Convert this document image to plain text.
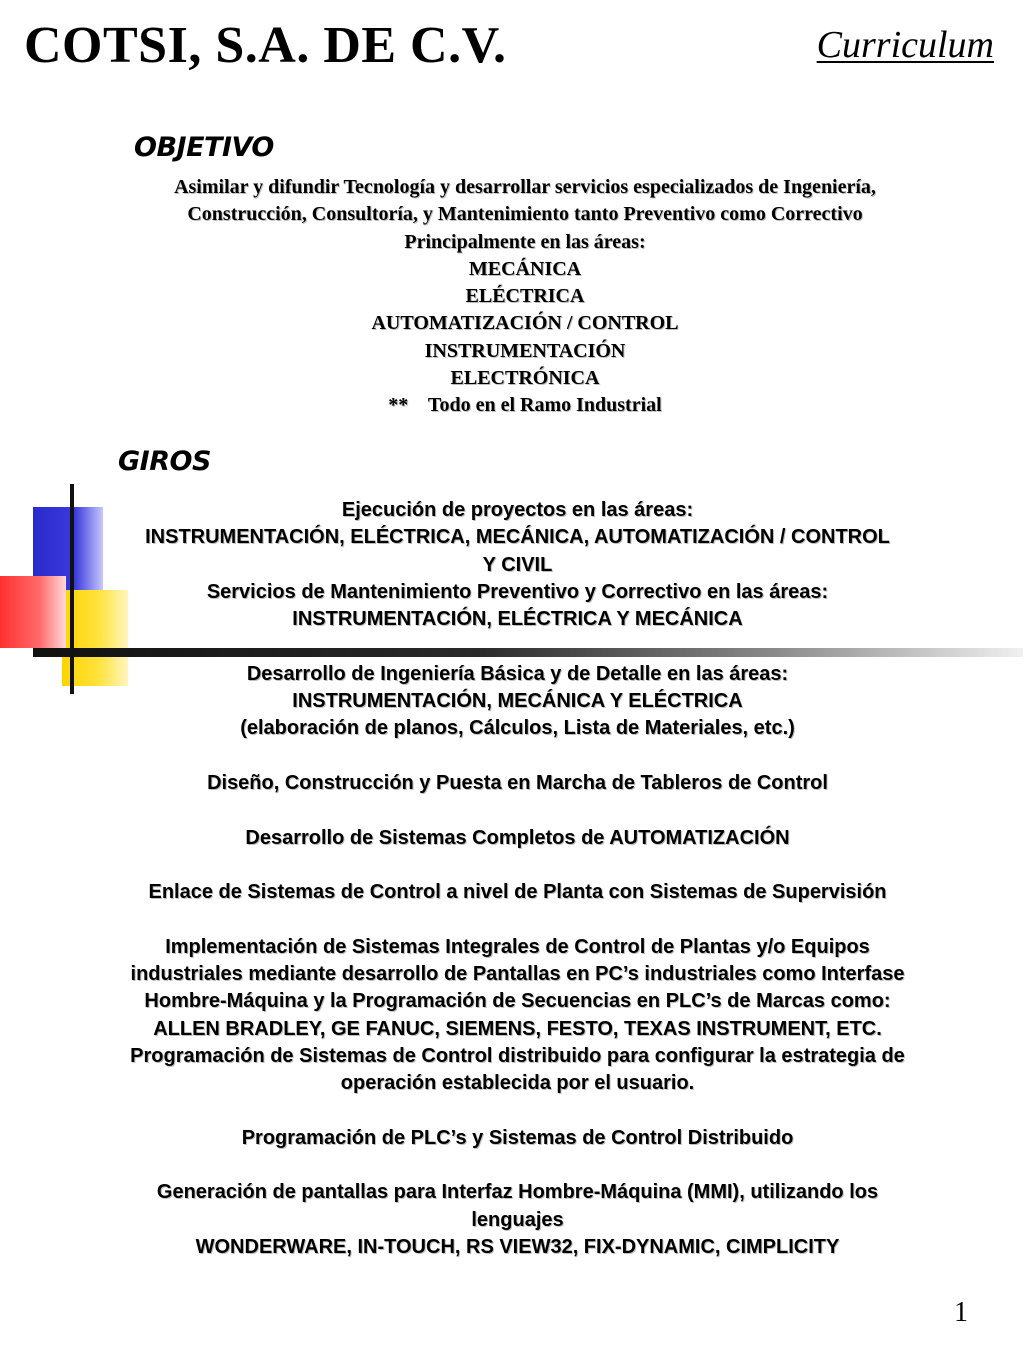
COTSI, S.A. DE C.V.	Curriculum
OBJETIVO
Asimilar y difundir Tecnología y desarrollar servicios especializados de Ingeniería,
Construcción, Consultoría, y Mantenimiento tanto Preventivo como Correctivo
Principalmente en las áreas:
MECÁNICA
ELÉCTRICA
AUTOMATIZACIÓN / CONTROL
INSTRUMENTACIÓN
ELECTRÓNICA
**    Todo en el Ramo Industrial
GIROS
Ejecución de proyectos en las áreas:
INSTRUMENTACIÓN, ELÉCTRICA, MECÁNICA, AUTOMATIZACIÓN / CONTROL
Y CIVIL
Servicios de Mantenimiento Preventivo y Correctivo en las áreas:
INSTRUMENTACIÓN, ELÉCTRICA Y MECÁNICA
Desarrollo de Ingeniería Básica y de Detalle en las áreas:
INSTRUMENTACIÓN, MECÁNICA Y ELÉCTRICA
(elaboración de planos, Cálculos, Lista de Materiales, etc.)
Diseño, Construcción y Puesta en Marcha de Tableros de Control
Desarrollo de Sistemas Completos de AUTOMATIZACIÓN
Enlace de Sistemas de Control a nivel de Planta con Sistemas de Supervisión
Implementación de Sistemas Integrales de Control de Plantas y/o Equipos
industriales mediante desarrollo de Pantallas en PC’s industriales como Interfase
Hombre-Máquina y la Programación de Secuencias en PLC’s de Marcas como:
ALLEN BRADLEY, GE FANUC, SIEMENS, FESTO, TEXAS INSTRUMENT, ETC.
Programación de Sistemas de Control distribuido para configurar la estrategia de
operación establecida por el usuario.
Programación de PLC’s y Sistemas de Control Distribuido
Generación de pantallas para Interfaz Hombre-Máquina (MMI), utilizando los
lenguajes
WONDERWARE, IN-TOUCH, RS VIEW32, FIX-DYNAMIC, CIMPLICITY
1
